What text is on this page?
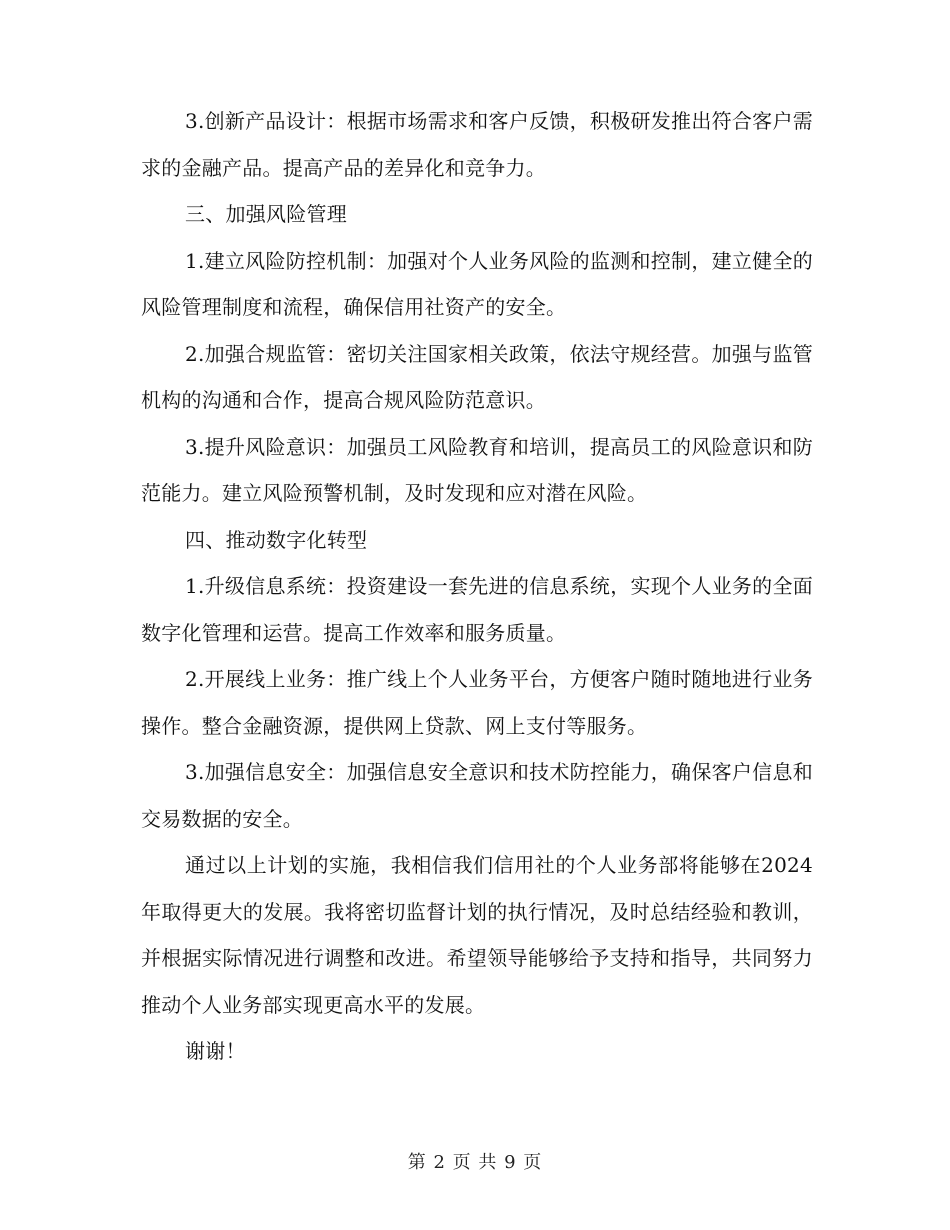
3.创新产品设计：根据市场需求和客户反馈，积极研发推出符合客户需求的金融产品。提高产品的差异化和竞争力。

三、加强风险管理

1.建立风险防控机制：加强对个人业务风险的监测和控制，建立健全的风险管理制度和流程，确保信用社资产的安全。

2.加强合规监管：密切关注国家相关政策，依法守规经营。加强与监管机构的沟通和合作，提高合规风险防范意识。

3.提升风险意识：加强员工风险教育和培训，提高员工的风险意识和防范能力。建立风险预警机制，及时发现和应对潜在风险。

四、推动数字化转型

1.升级信息系统：投资建设一套先进的信息系统，实现个人业务的全面数字化管理和运营。提高工作效率和服务质量。

2.开展线上业务：推广线上个人业务平台，方便客户随时随地进行业务操作。整合金融资源，提供网上贷款、网上支付等服务。

3.加强信息安全：加强信息安全意识和技术防控能力，确保客户信息和交易数据的安全。

通过以上计划的实施，我相信我们信用社的个人业务部将能够在2024年取得更大的发展。我将密切监督计划的执行情况，及时总结经验和教训，并根据实际情况进行调整和改进。希望领导能够给予支持和指导，共同努力推动个人业务部实现更高水平的发展。

谢谢！

第 2 页 共 9 页
